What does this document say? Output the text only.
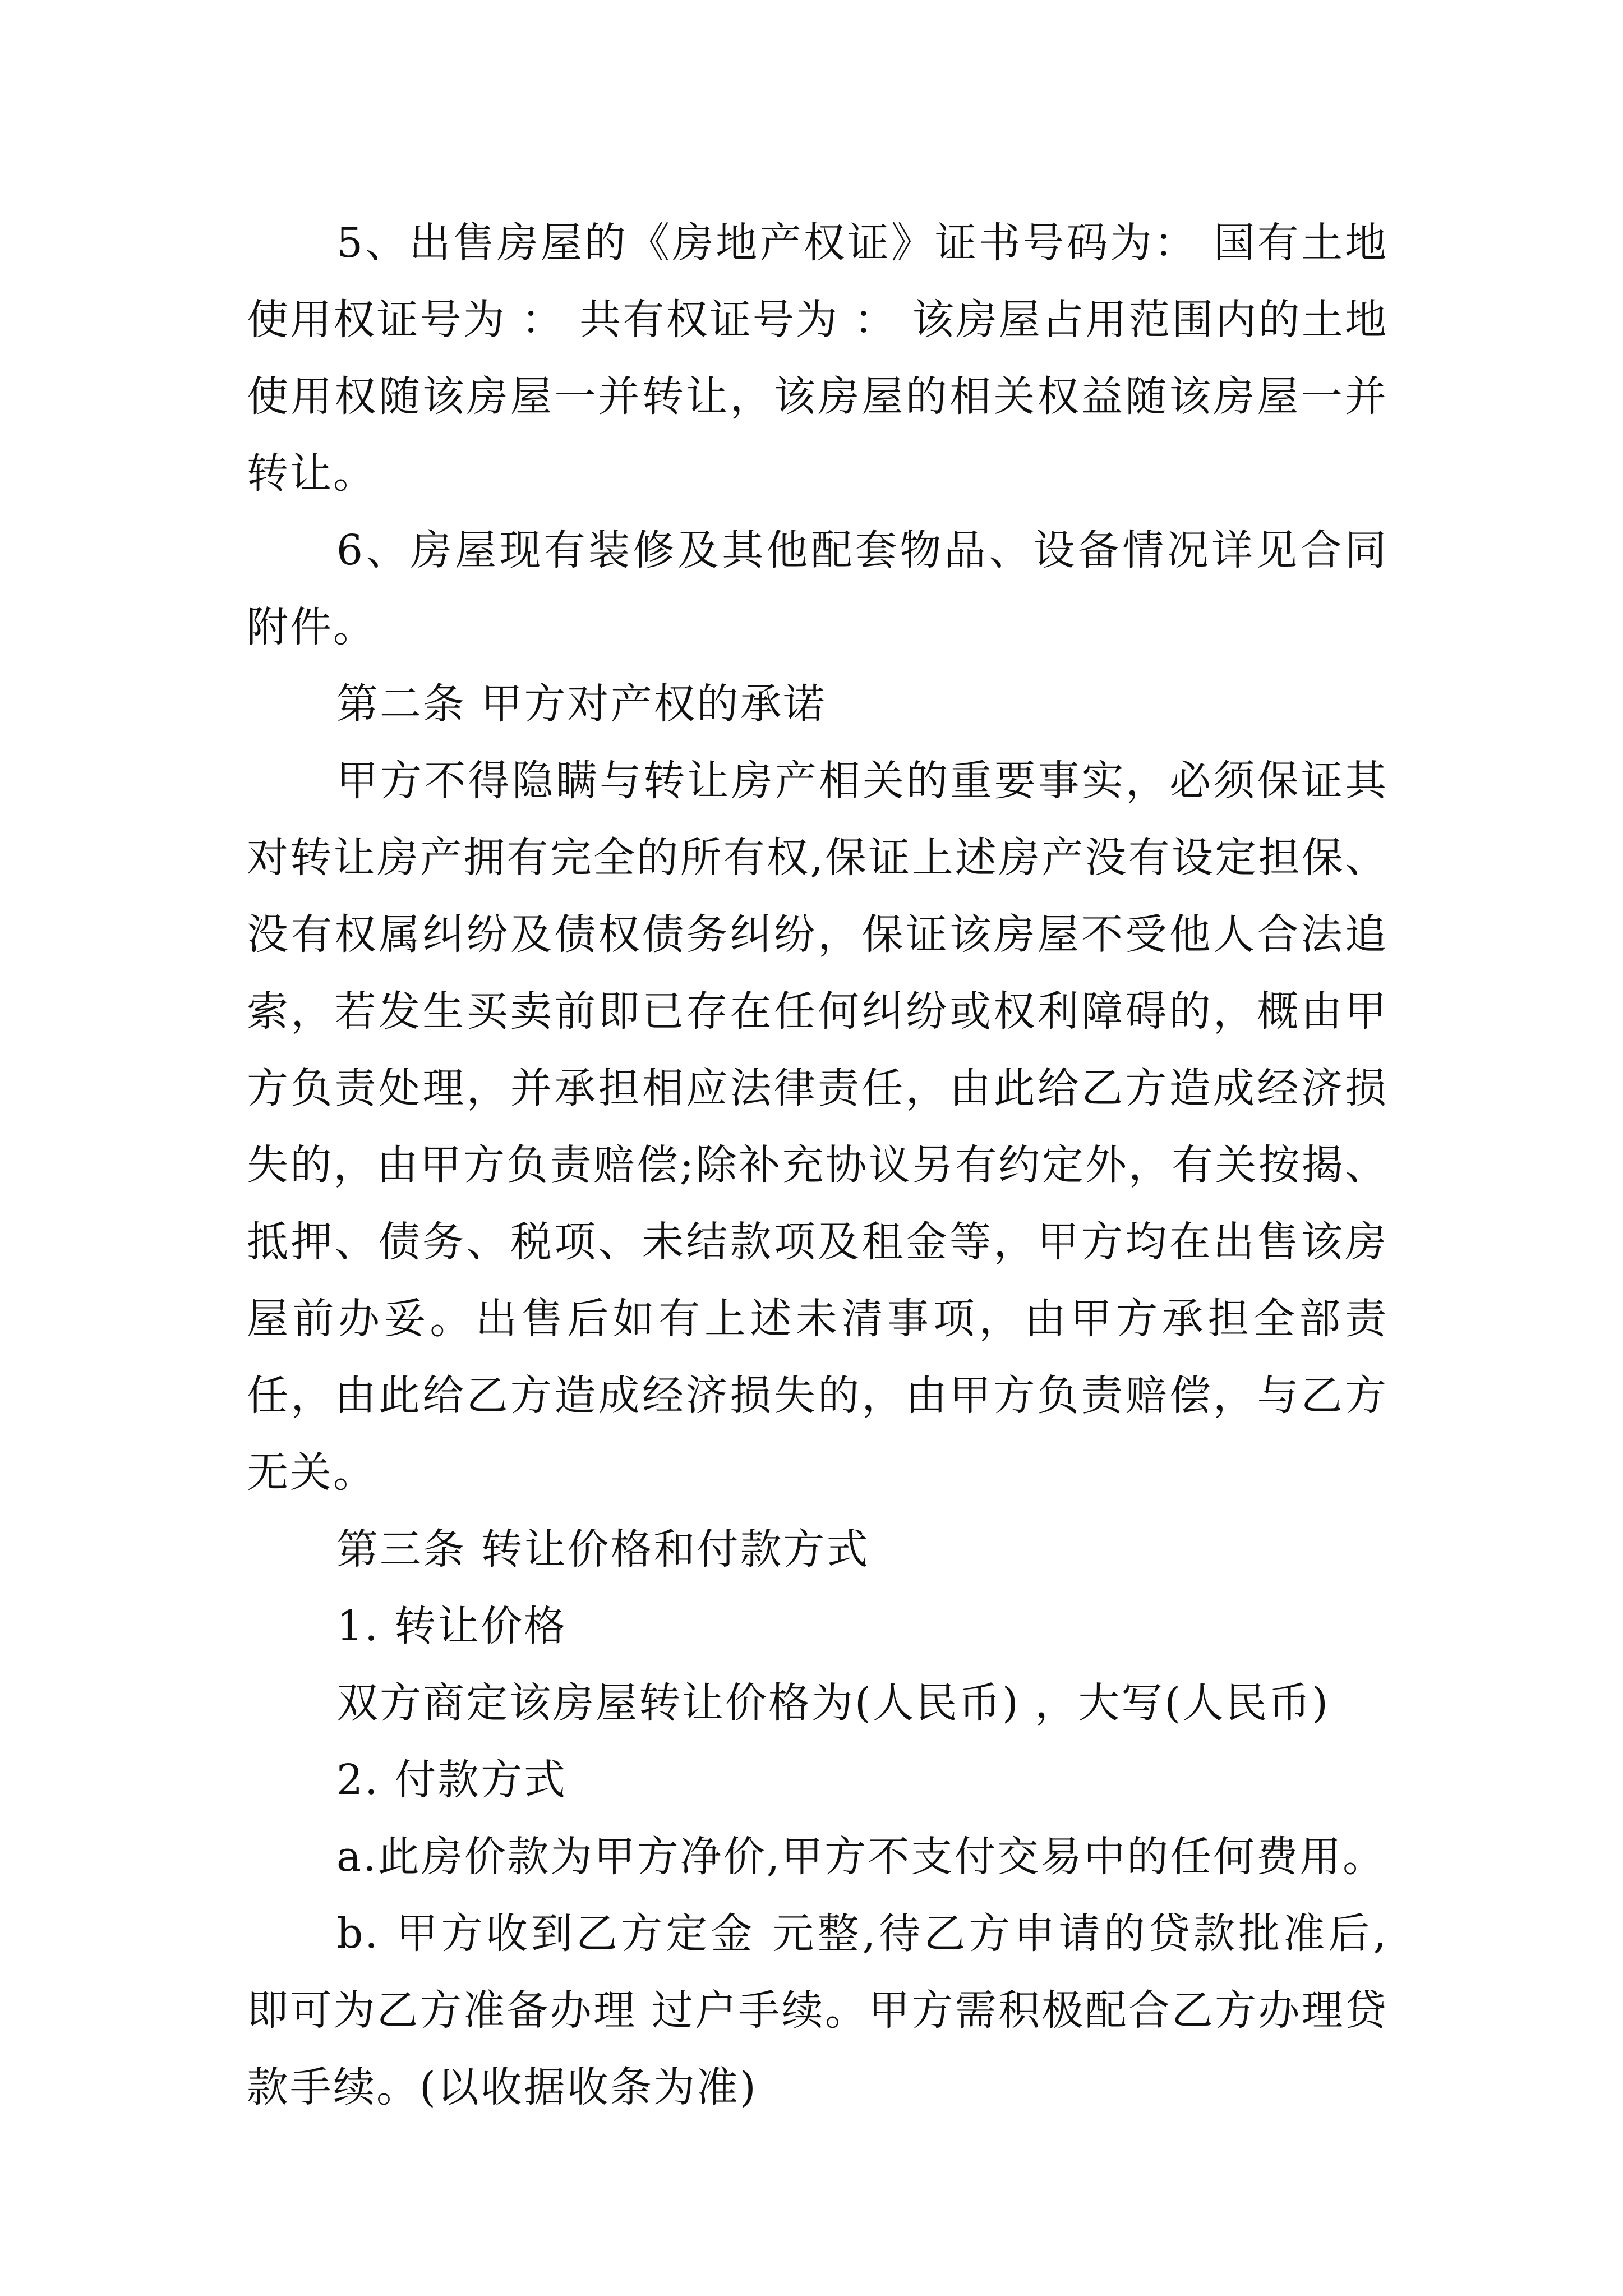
5、出售房屋的《房地产权证》证书号码为： 国有土地使用权证号为 ： 共有权证号为 ： 该房屋占用范围内的土地使用权随该房屋一并转让，该房屋的相关权益随该房屋一并转让。

6、房屋现有装修及其他配套物品、设备情况详见合同附件。

第二条 甲方对产权的承诺

甲方不得隐瞒与转让房产相关的重要事实，必须保证其对转让房产拥有完全的所有权,保证上述房产没有设定担保、没有权属纠纷及债权债务纠纷，保证该房屋不受他人合法追索，若发生买卖前即已存在任何纠纷或权利障碍的，概由甲方负责处理，并承担相应法律责任，由此给乙方造成经济损失的，由甲方负责赔偿;除补充协议另有约定外，有关按揭、抵押、债务、税项、未结款项及租金等，甲方均在出售该房屋前办妥。出售后如有上述未清事项，由甲方承担全部责任，由此给乙方造成经济损失的，由甲方负责赔偿，与乙方无关。

第三条 转让价格和付款方式

1. 转让价格

双方商定该房屋转让价格为(人民币) ，大写(人民币)

2. 付款方式

a.此房价款为甲方净价,甲方不支付交易中的任何费用。

b. 甲方收到乙方定金 元整,待乙方申请的贷款批准后,即可为乙方准备办理 过户手续。甲方需积极配合乙方办理贷款手续。(以收据收条为准)
